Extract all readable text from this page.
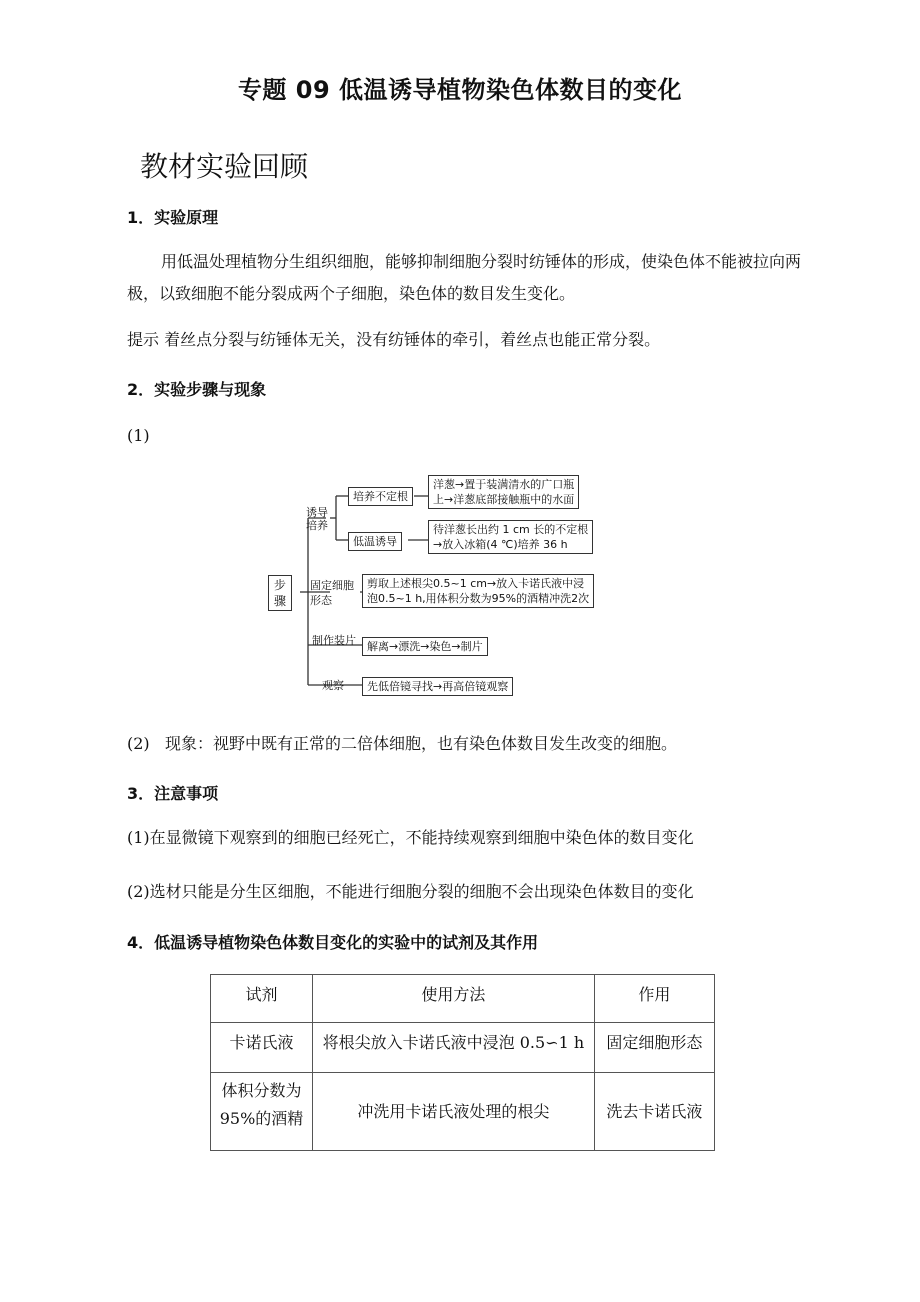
专题 09 低温诱导植物染色体数目的变化
教材实验回顾
1．实验原理
用低温处理植物分生组织细胞，能够抑制细胞分裂时纺锤体的形成，使染色体不能被拉向两极，以致细胞不能分裂成两个子细胞，染色体的数目发生变化。
提示 着丝点分裂与纺锤体无关，没有纺锤体的牵引，着丝点也能正常分裂。
2．实验步骤与现象
(1)
步骤
诱导培养
固定细胞形态
制作装片
观察
培养不定根
洋葱→置于装满清水的广口瓶
上→洋葱底部接触瓶中的水面
低温诱导
待洋葱长出约 1 cm 长的不定根
→放入冰箱(4 ℃)培养 36 h
剪取上述根尖0.5~1 cm→放入卡诺氏液中浸
泡0.5~1 h,用体积分数为95%的酒精冲洗2次
解离→漂洗→染色→制片
先低倍镜寻找→再高倍镜观察
(2) 现象：视野中既有正常的二倍体细胞，也有染色体数目发生改变的细胞。
3．注意事项
(1)在显微镜下观察到的细胞已经死亡，不能持续观察到细胞中染色体的数目变化
(2)选材只能是分生区细胞，不能进行细胞分裂的细胞不会出现染色体数目的变化
4．低温诱导植物染色体数目变化的实验中的试剂及其作用
试剂	使用方法	作用
卡诺氏液	将根尖放入卡诺氏液中浸泡 0.5∽1 h	固定细胞形态
体积分数为95%的酒精	冲洗用卡诺氏液处理的根尖	洗去卡诺氏液
